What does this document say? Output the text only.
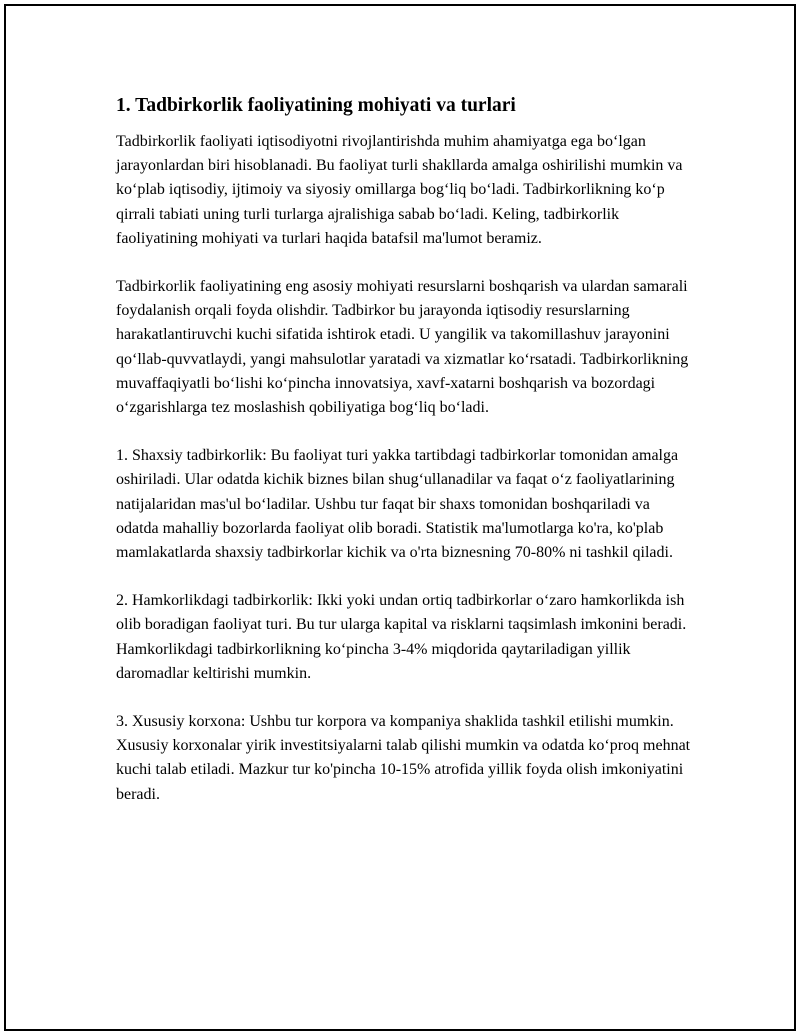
1. Tadbirkorlik faoliyatining mohiyati va turlari

Tadbirkorlik faoliyati iqtisodiyotni rivojlantirishda muhim ahamiyatga ega bo‘lgan jarayonlardan biri hisoblanadi. Bu faoliyat turli shakllarda amalga oshirilishi mumkin va ko‘plab iqtisodiy, ijtimoiy va siyosiy omillarga bog‘liq bo‘ladi. Tadbirkorlikning ko‘p qirrali tabiati uning turli turlarga ajralishiga sabab bo‘ladi. Keling, tadbirkorlik faoliyatining mohiyati va turlari haqida batafsil ma'lumot beramiz.

Tadbirkorlik faoliyatining eng asosiy mohiyati resurslarni boshqarish va ulardan samarali foydalanish orqali foyda olishdir. Tadbirkor bu jarayonda iqtisodiy resurslarning harakatlantiruvchi kuchi sifatida ishtirok etadi. U yangilik va takomillashuv jarayonini qo‘llab-quvvatlaydi, yangi mahsulotlar yaratadi va xizmatlar ko‘rsatadi. Tadbirkorlikning muvaffaqiyatli bo‘lishi ko‘pincha innovatsiya, xavf-xatarni boshqarish va bozordagi o‘zgarishlarga tez moslashish qobiliyatiga bog‘liq bo‘ladi.

1. Shaxsiy tadbirkorlik: Bu faoliyat turi yakka tartibdagi tadbirkorlar tomonidan amalga oshiriladi. Ular odatda kichik biznes bilan shug‘ullanadilar va faqat o‘z faoliyatlarining natijalaridan mas'ul bo‘ladilar. Ushbu tur faqat bir shaxs tomonidan boshqariladi va odatda mahalliy bozorlarda faoliyat olib boradi. Statistik ma'lumotlarga ko'ra, ko'plab mamlakatlarda shaxsiy tadbirkorlar kichik va o'rta biznesning 70-80% ni tashkil qiladi.

2. Hamkorlikdagi tadbirkorlik: Ikki yoki undan ortiq tadbirkorlar o‘zaro hamkorlikda ish olib boradigan faoliyat turi. Bu tur ularga kapital va risklarni taqsimlash imkonini beradi. Hamkorlikdagi tadbirkorlikning ko‘pincha 3-4% miqdorida qaytariladigan yillik daromadlar keltirishi mumkin.

3. Xususiy korxona: Ushbu tur korpora va kompaniya shaklida tashkil etilishi mumkin. Xususiy korxonalar yirik investitsiyalarni talab qilishi mumkin va odatda ko‘proq mehnat kuchi talab etiladi. Mazkur tur ko'pincha 10-15% atrofida yillik foyda olish imkoniyatini beradi.
